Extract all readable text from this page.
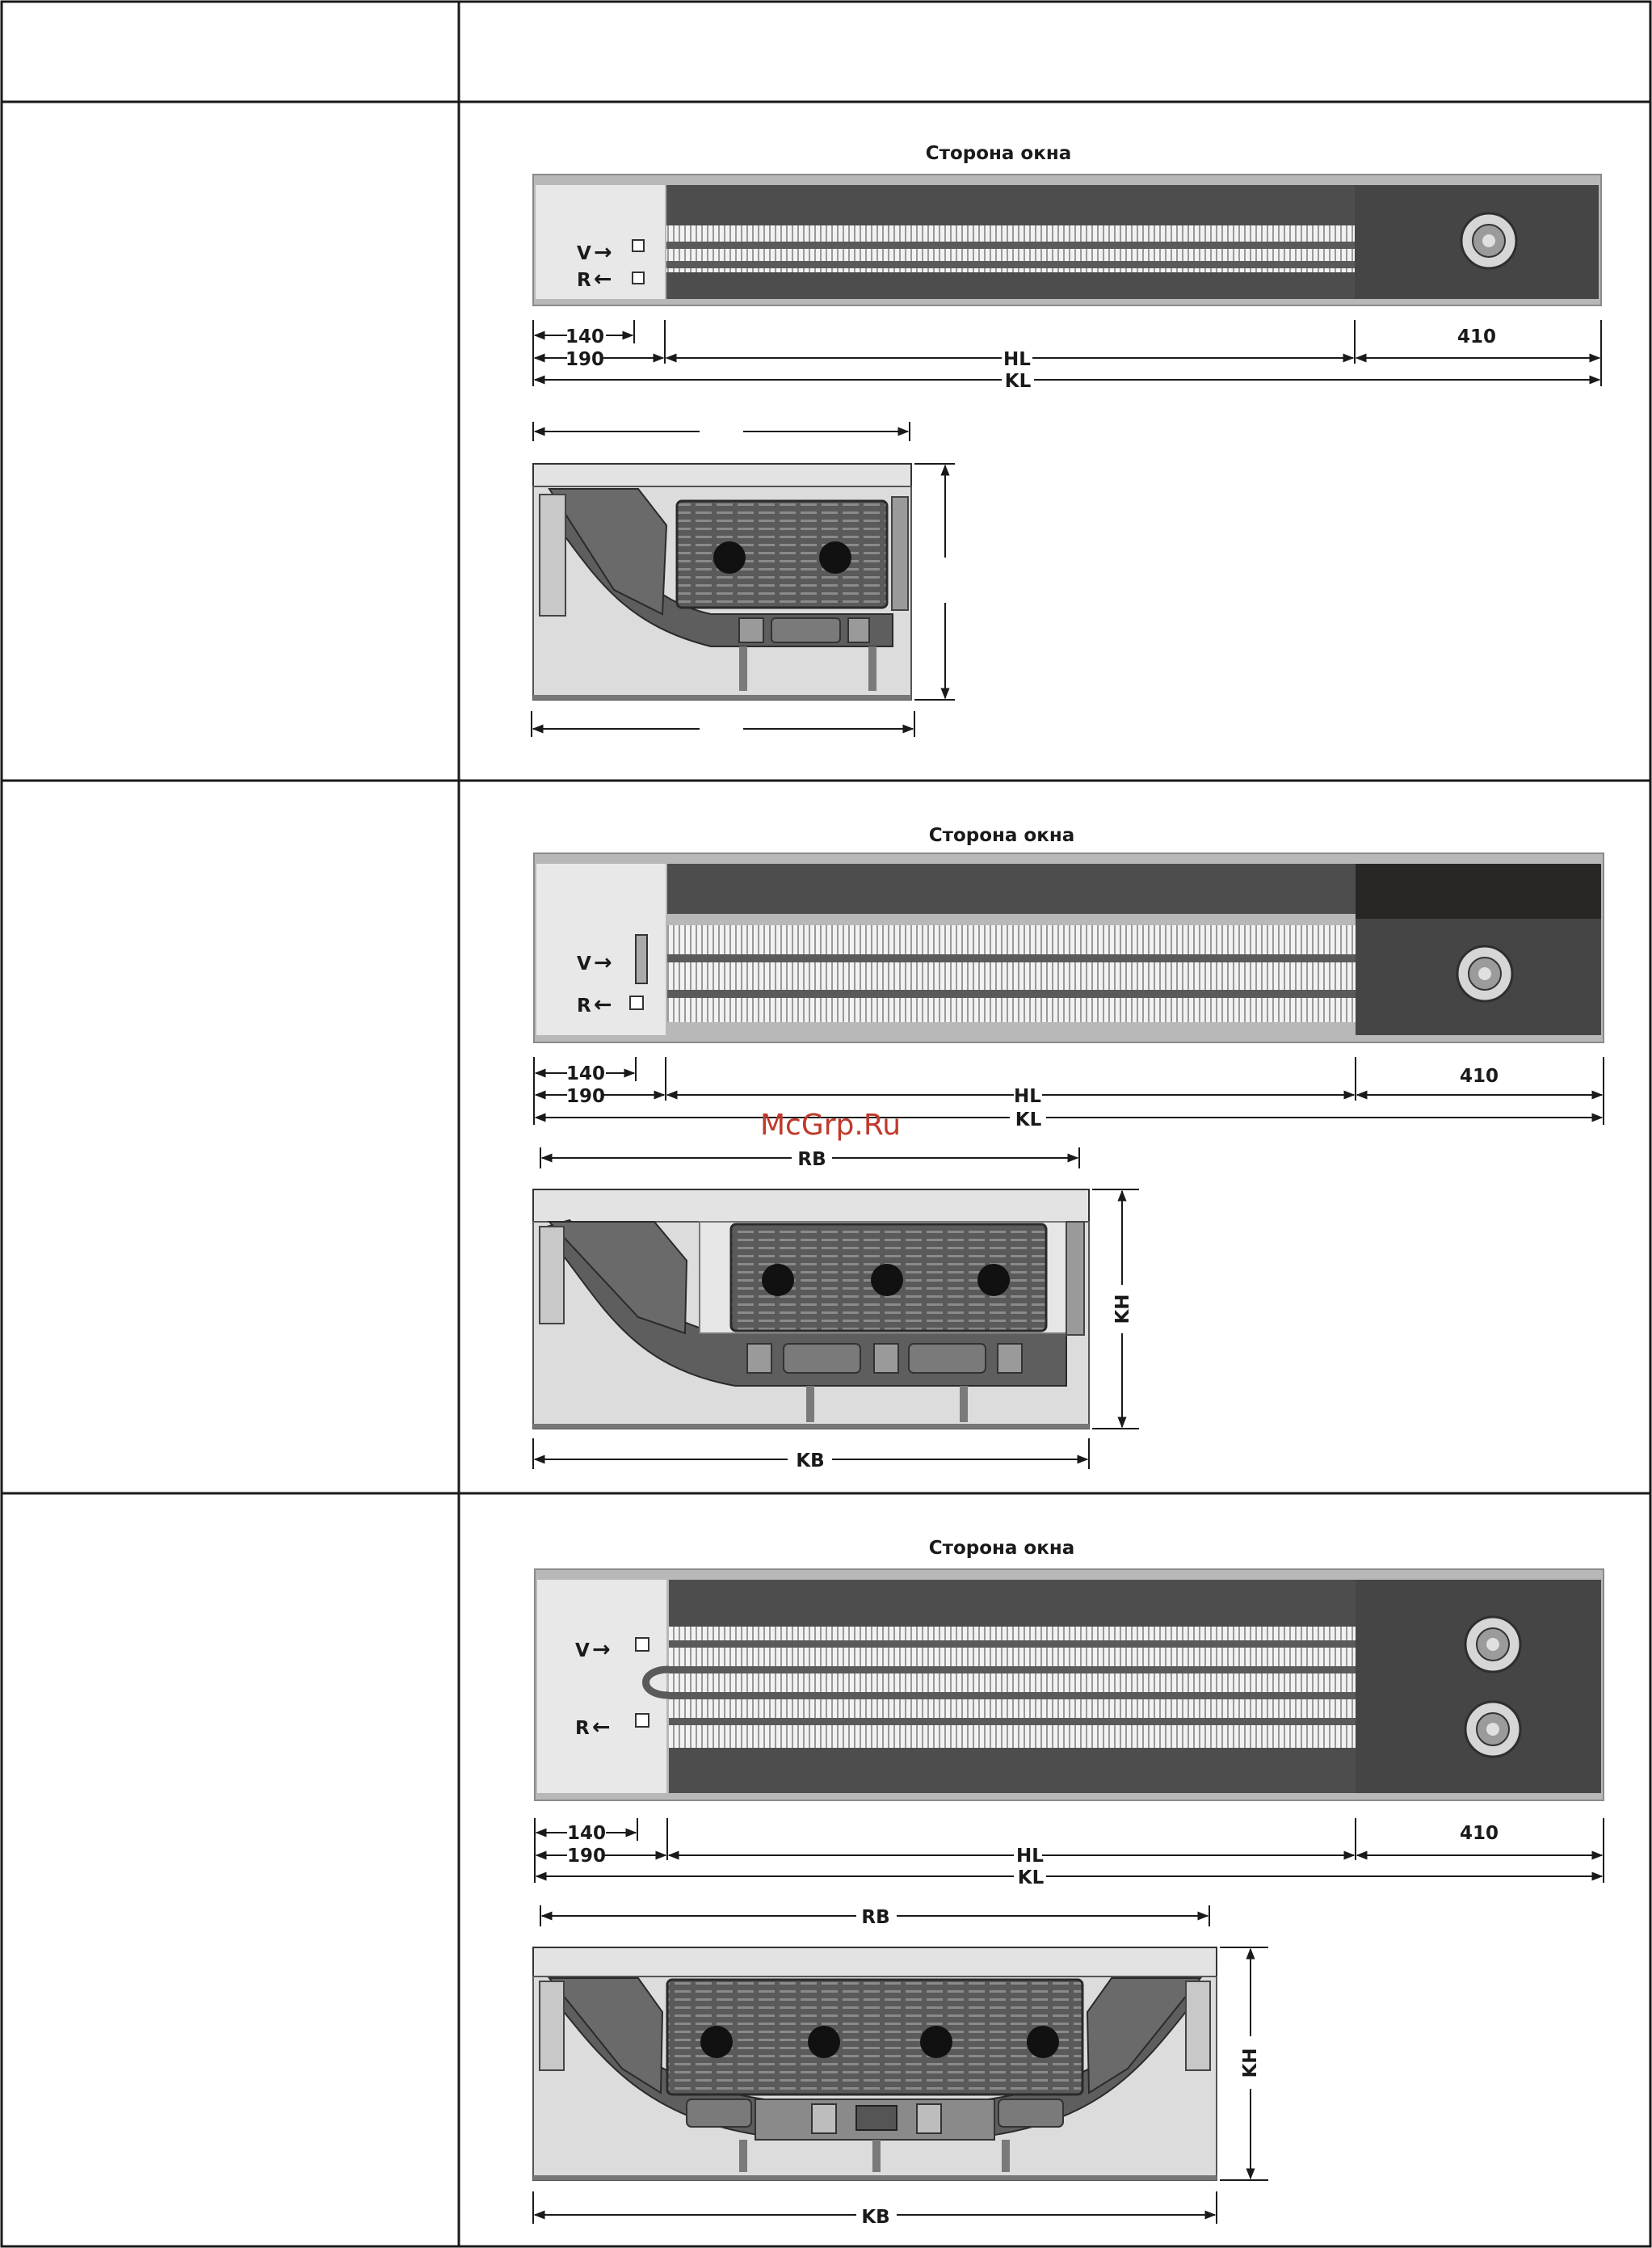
Сторона окна
V →
R ←
140
190
410
HL
KL
Сторона окна
V →
R ←
140
190
410
HL
KL
McGrp.Ru
RB
KH
KB
Сторона окна
V →
R ←
140
190
410
HL
KL
RB
KH
KB
